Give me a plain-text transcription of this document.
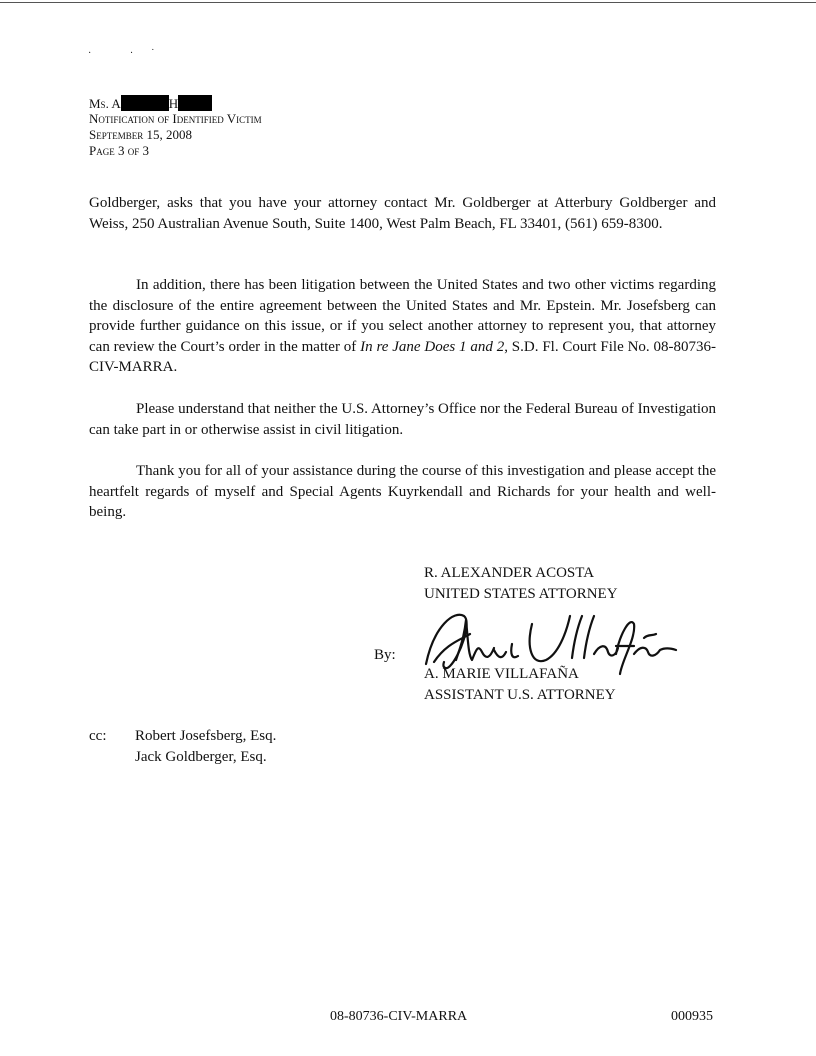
· ·˙
Ms. A	H
Notification of Identified Victim
September 15, 2008
Page 3 of 3

Goldberger, asks that you have your attorney contact Mr. Goldberger at Atterbury Goldberger and Weiss, 250 Australian Avenue South, Suite 1400, West Palm Beach, FL 33401, (561) 659-8300.

In addition, there has been litigation between the United States and two other victims regarding the disclosure of the entire agreement between the United States and Mr. Epstein. Mr. Josefsberg can provide further guidance on this issue, or if you select another attorney to represent you, that attorney can review the Court’s order in the matter of In re Jane Does 1 and 2, S.D. Fl. Court File No. 08-80736-CIV-MARRA.

Please understand that neither the U.S. Attorney’s Office nor the Federal Bureau of Investigation can take part in or otherwise assist in civil litigation.

Thank you for all of your assistance during the course of this investigation and please accept the heartfelt regards of myself and Special Agents Kuyrkendall and Richards for your health and well-being.

R. ALEXANDER ACOSTA
UNITED STATES ATTORNEY
By:
A. MARIE VILLAFAÑA
ASSISTANT U.S. ATTORNEY
cc: Robert Josefsberg, Esq.
Jack Goldberger, Esq.
08-80736-CIV-MARRA	000935
